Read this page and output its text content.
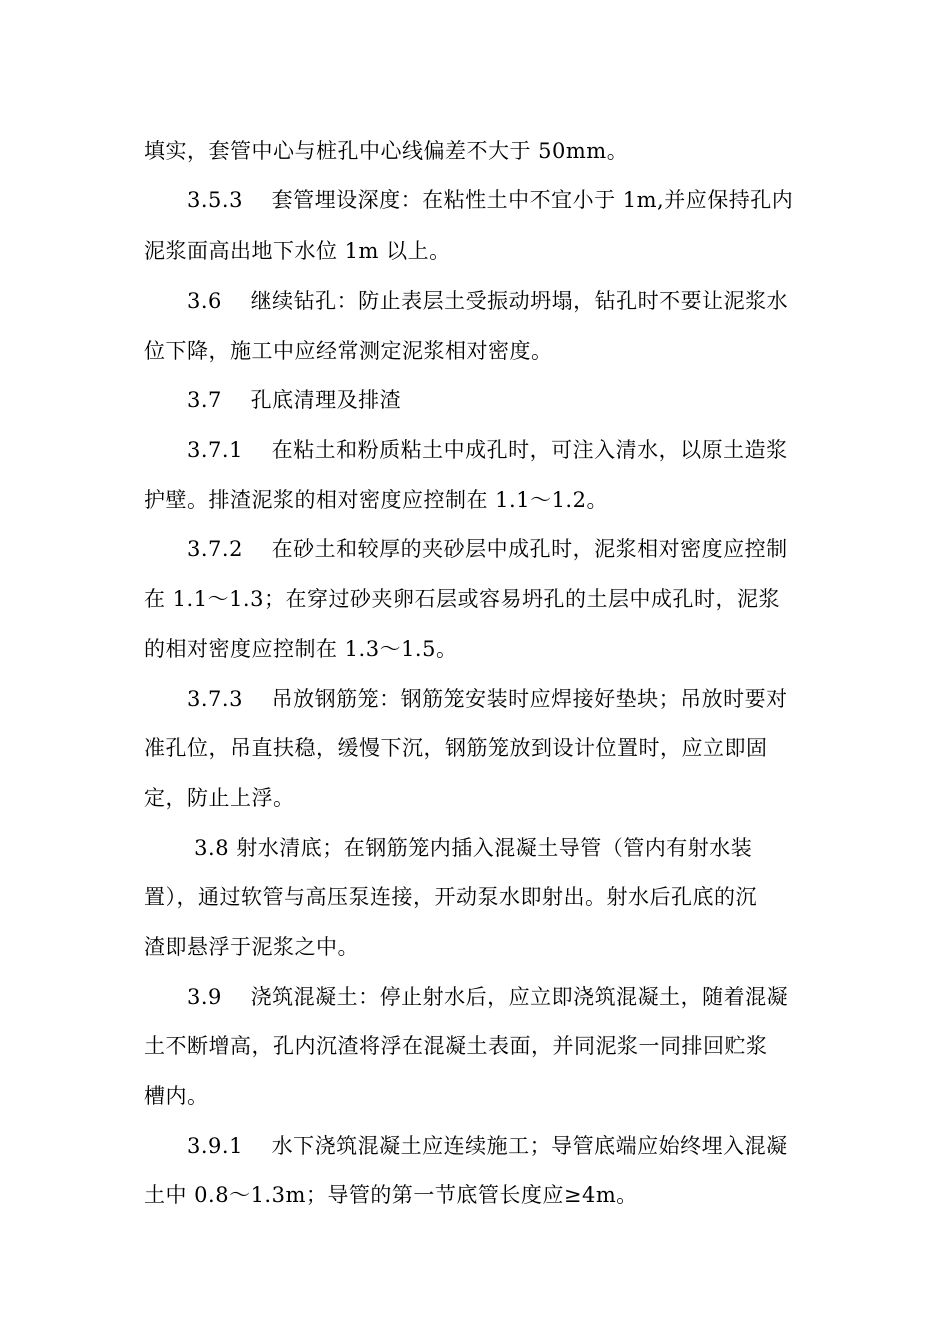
填实，套管中心与桩孔中心线偏差不大于 50mm。
　　3.5.3　 套管埋设深度：在粘性土中不宜小于 1m,并应保持孔内
泥浆面高出地下水位 1m 以上。
　　3.6　 继续钻孔：防止表层土受振动坍塌，钻孔时不要让泥浆水
位下降，施工中应经常测定泥浆相对密度。
　　3.7　 孔底清理及排渣
　　3.7.1　 在粘土和粉质粘土中成孔时，可注入清水，以原土造浆
护壁。排渣泥浆的相对密度应控制在 1.1～1.2。
　　3.7.2　 在砂土和较厚的夹砂层中成孔时，泥浆相对密度应控制
在 1.1～1.3；在穿过砂夹卵石层或容易坍孔的土层中成孔时，泥浆
的相对密度应控制在 1.3～1.5。
　　3.7.3　 吊放钢筋笼：钢筋笼安装时应焊接好垫块；吊放时要对
准孔位，吊直扶稳，缓慢下沉，钢筋笼放到设计位置时，应立即固
定，防止上浮。
　　 3.8 射水清底；在钢筋笼内插入混凝土导管（管内有射水装
置），通过软管与高压泵连接，开动泵水即射出。射水后孔底的沉
渣即悬浮于泥浆之中。
　　3.9　 浇筑混凝土：停止射水后，应立即浇筑混凝土，随着混凝
土不断增高，孔内沉渣将浮在混凝土表面，并同泥浆一同排回贮浆
槽内。
　　3.9.1　 水下浇筑混凝土应连续施工；导管底端应始终埋入混凝
土中 0.8～1.3m；导管的第一节底管长度应≥4m。
